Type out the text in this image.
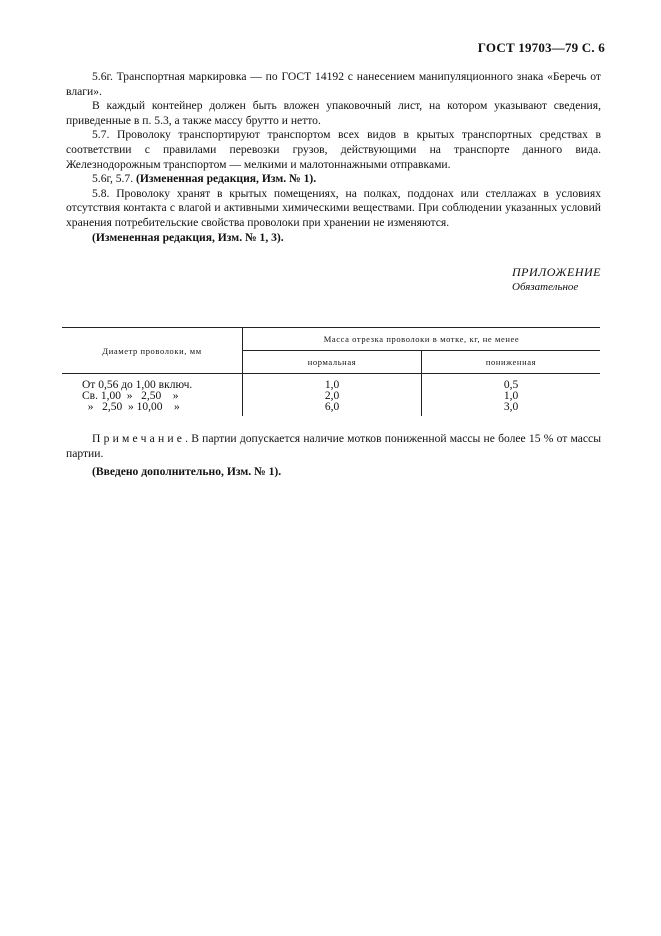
ГОСТ 19703—79 С. 6

5.6г. Транспортная маркировка — по ГОСТ 14192 с нанесением манипуляционного знака «Беречь от влаги».

В каждый контейнер должен быть вложен упаковочный лист, на котором указывают сведения, приведенные в п. 5.3, а также массу брутто и нетто.

5.7. Проволоку транспортируют транспортом всех видов в крытых транспортных средствах в соответствии с правилами перевозки грузов, действующими на транспорте данного вида. Железнодорожным транспортом — мелкими и малотоннажными отправками.

5.6г, 5.7. (Измененная редакция, Изм. № 1).

5.8. Проволоку хранят в крытых помещениях, на полках, поддонах или стеллажах в условиях отсутствия контакта с влагой и активными химическими веществами. При соблюдении указанных условий хранения потребительские свойства проволоки при хранении не изменяются.

(Измененная редакция, Изм. № 1, 3).

ПРИЛОЖЕНИЕ
Обязательное
Диаметр проволоки, мм	Масса отрезка проволоки в мотке, кг, не менее	
	нормальная	пониженная
От 0,56 до 1,00 включ.	1,0	0,5
Св. 1,00  »   2,50    »	2,0	1,0
»   2,50  » 10,00    »	6,0	3,0

Примечание. В партии допускается наличие мотков пониженной массы не более 15 % от массы партии.

(Введено дополнительно, Изм. № 1).
